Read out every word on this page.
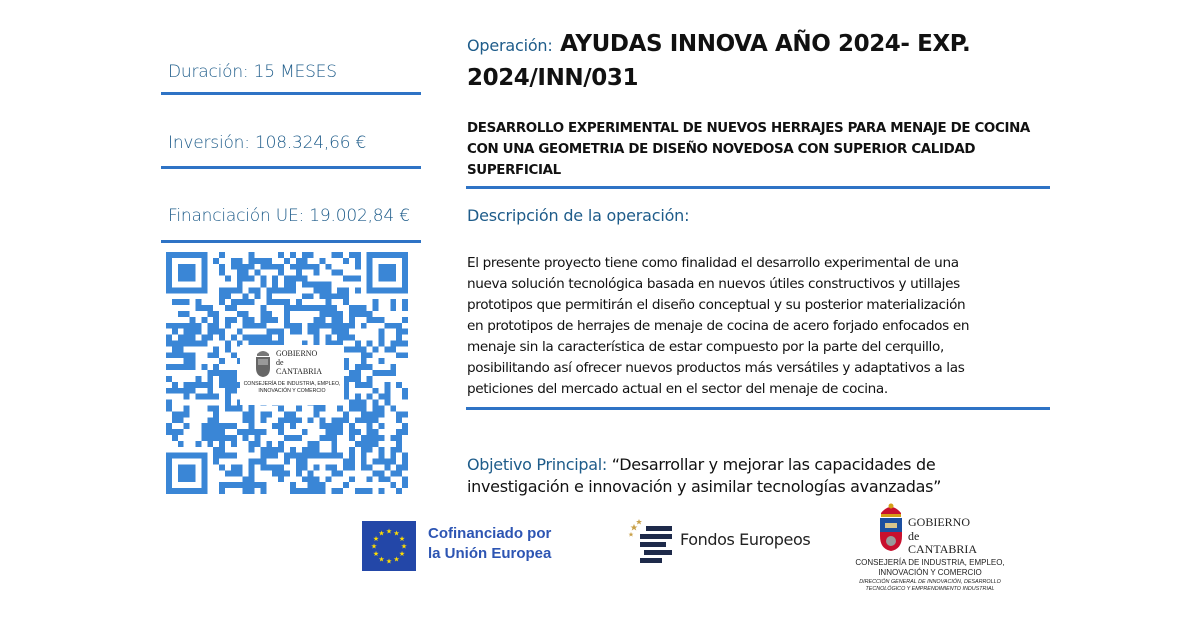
Duración: 15 MESES
Inversión: 108.324,66 €
Financiación UE: 19.002,84 €
GOBIERNO
de
CANTABRIA
CONSEJERÍA DE INDUSTRIA, EMPLEO,
INNOVACIÓN Y COMERCIO
Operación: AYUDAS INNOVA AÑO 2024- EXP. 2024/INN/031
DESARROLLO EXPERIMENTAL DE NUEVOS HERRAJES PARA MENAJE DE COCINA CON UNA GEOMETRIA DE DISEÑO NOVEDOSA CON SUPERIOR CALIDAD SUPERFICIAL
Descripción de la operación:
El presente proyecto tiene como finalidad el desarrollo experimental de una
nueva solución tecnológica basada en nuevos útiles constructivos y utillajes
prototipos que permitirán el diseño conceptual y su posterior materialización
en prototipos de herrajes de menaje de cocina de acero forjado enfocados en
menaje sin la característica de estar compuesto por la parte del cerquillo,
posibilitando así ofrecer nuevos productos más versátiles y adaptativos a las
peticiones del mercado actual en el sector del menaje de cocina.
Objetivo Principal: “Desarrollar y mejorar las capacidades de investigación e innovación y asimilar tecnologías avanzadas”
★ ★
★
★
★
★
★
★
★
★
★
★	Cofinanciado por
la Unión Europea
Fondos Europeos
GOBIERNO
de
CANTABRIA
CONSEJERÍA DE INDUSTRIA, EMPLEO,
INNOVACIÓN Y COMERCIO
DIRECCIÓN GENERAL DE INNOVACIÓN, DESARROLLO
TECNOLÓGICO Y EMPRENDIMIENTO INDUSTRIAL
